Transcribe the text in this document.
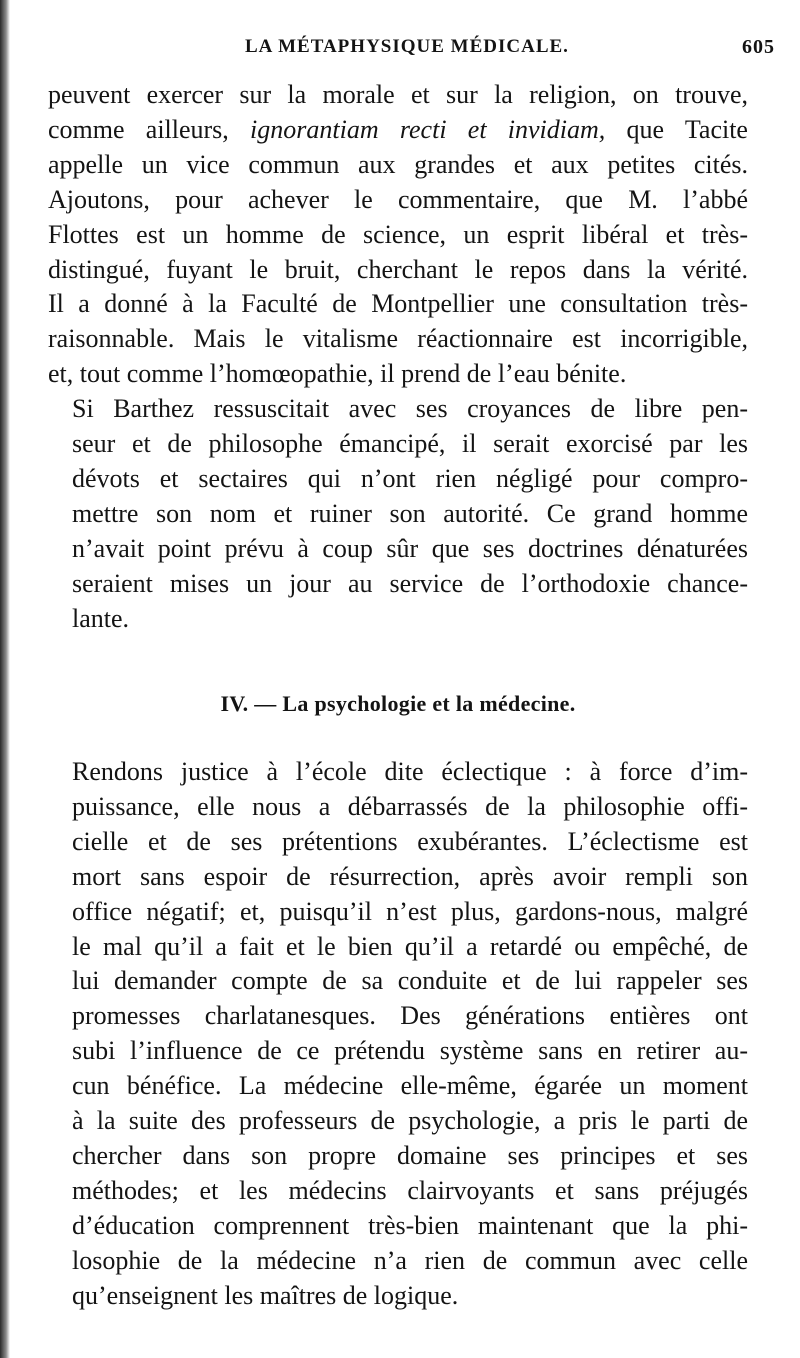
LA MÉTAPHYSIQUE MÉDICALE.	605

peuvent exercer sur la morale et sur la religion, on trouve,
comme ailleurs, ignorantiam recti et invidiam, que Tacite
appelle un vice commun aux grandes et aux petites cités.
Ajoutons, pour achever le commentaire, que M. l’abbé
Flottes est un homme de science, un esprit libéral et très-
distingué, fuyant le bruit, cherchant le repos dans la vérité.
Il a donné à la Faculté de Montpellier une consultation très-
raisonnable. Mais le vitalisme réactionnaire est incorrigible,
et, tout comme l’homœopathie, il prend de l’eau bénite.

Si Barthez ressuscitait avec ses croyances de libre pen-
seur et de philosophe émancipé, il serait exorcisé par les
dévots et sectaires qui n’ont rien négligé pour compro-
mettre son nom et ruiner son autorité. Ce grand homme
n’avait point prévu à coup sûr que ses doctrines dénaturées
seraient mises un jour au service de l’orthodoxie chance-
lante.

IV. — La psychologie et la médecine.

Rendons justice à l’école dite éclectique : à force d’im-
puissance, elle nous a débarrassés de la philosophie offi-
cielle et de ses prétentions exubérantes. L’éclectisme est
mort sans espoir de résurrection, après avoir rempli son
office négatif; et, puisqu’il n’est plus, gardons-nous, malgré
le mal qu’il a fait et le bien qu’il a retardé ou empêché, de
lui demander compte de sa conduite et de lui rappeler ses
promesses charlatanesques. Des générations entières ont
subi l’influence de ce prétendu système sans en retirer au-
cun bénéfice. La médecine elle-même, égarée un moment
à la suite des professeurs de psychologie, a pris le parti de
chercher dans son propre domaine ses principes et ses
méthodes; et les médecins clairvoyants et sans préjugés
d’éducation comprennent très-bien maintenant que la phi-
losophie de la médecine n’a rien de commun avec celle
qu’enseignent les maîtres de logique.
